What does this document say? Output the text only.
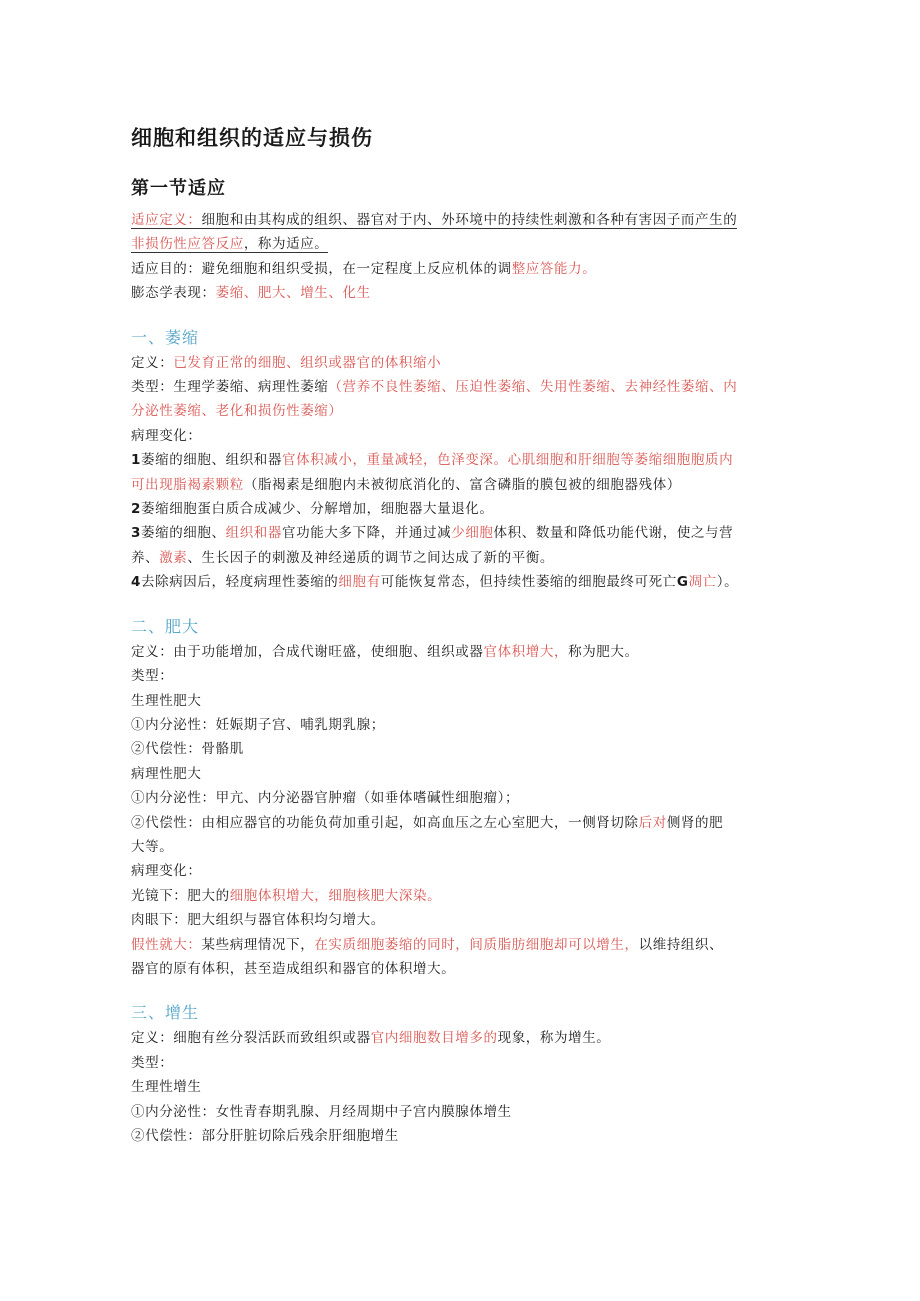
细胞和组织的适应与损伤
第一节适应
适应定义：细胞和由其构成的组织、器官对于内、外环境中的持续性刺激和各种有害因子而产生的
非损伤性应答反应，称为适应。
适应目的：避免细胞和组织受损，在一定程度上反应机体的调整应答能力。
膨态学表现：萎缩、肥大、增生、化生
一、萎缩
定义：已发育正常的细胞、组织或器官的体积缩小
类型：生理学萎缩、病理性萎缩（营养不良性萎缩、压迫性萎缩、失用性萎缩、去神经性萎缩、内
分泌性萎缩、老化和损伤性萎缩）
病理变化：
1萎缩的细胞、组织和器官体积减小，重量减轻，色泽变深。心肌细胞和肝细胞等萎缩细胞胞质内
可出现脂褐素颗粒（脂褐素是细胞内未被彻底消化的、富含磷脂的膜包被的细胞器残体）
2萎缩细胞蛋白质合成减少、分解增加，细胞器大量退化。
3萎缩的细胞、组织和器官功能大多下降，并通过减少细胞体积、数量和降低功能代谢，使之与营
养、激素、生长因子的刺激及神经递质的调节之间达成了新的平衡。
4去除病因后，轻度病理性萎缩的细胞有可能恢复常态，但持续性萎缩的细胞最终可死亡G凋亡）。
二、肥大
定义：由于功能增加，合成代谢旺盛，使细胞、组织或器官体积增大，称为肥大。
类型：
生理性肥大
①内分泌性：妊娠期子宫、哺乳期乳腺；
②代偿性：骨骼肌
病理性肥大
①内分泌性：甲亢、内分泌器官肿瘤（如垂体嗜碱性细胞瘤）；
②代偿性：由相应器官的功能负荷加重引起，如高血压之左心室肥大，一侧肾切除后对侧肾的肥
大等。
病理变化：
光镜下：肥大的细胞体积增大，细胞核肥大深染。
肉眼下：肥大组织与器官体积均匀增大。
假性就大：某些病理情况下，在实质细胞萎缩的同时，间质脂肪细胞却可以增生，以维持组织、
器官的原有体积，甚至造成组织和器官的体积增大。
三、增生
定义：细胞有丝分裂活跃而致组织或器官内细胞数目增多的现象，称为增生。
类型：
生理性增生
①内分泌性：女性青春期乳腺、月经周期中子宫内膜腺体增生
②代偿性：部分肝脏切除后残余肝细胞增生
